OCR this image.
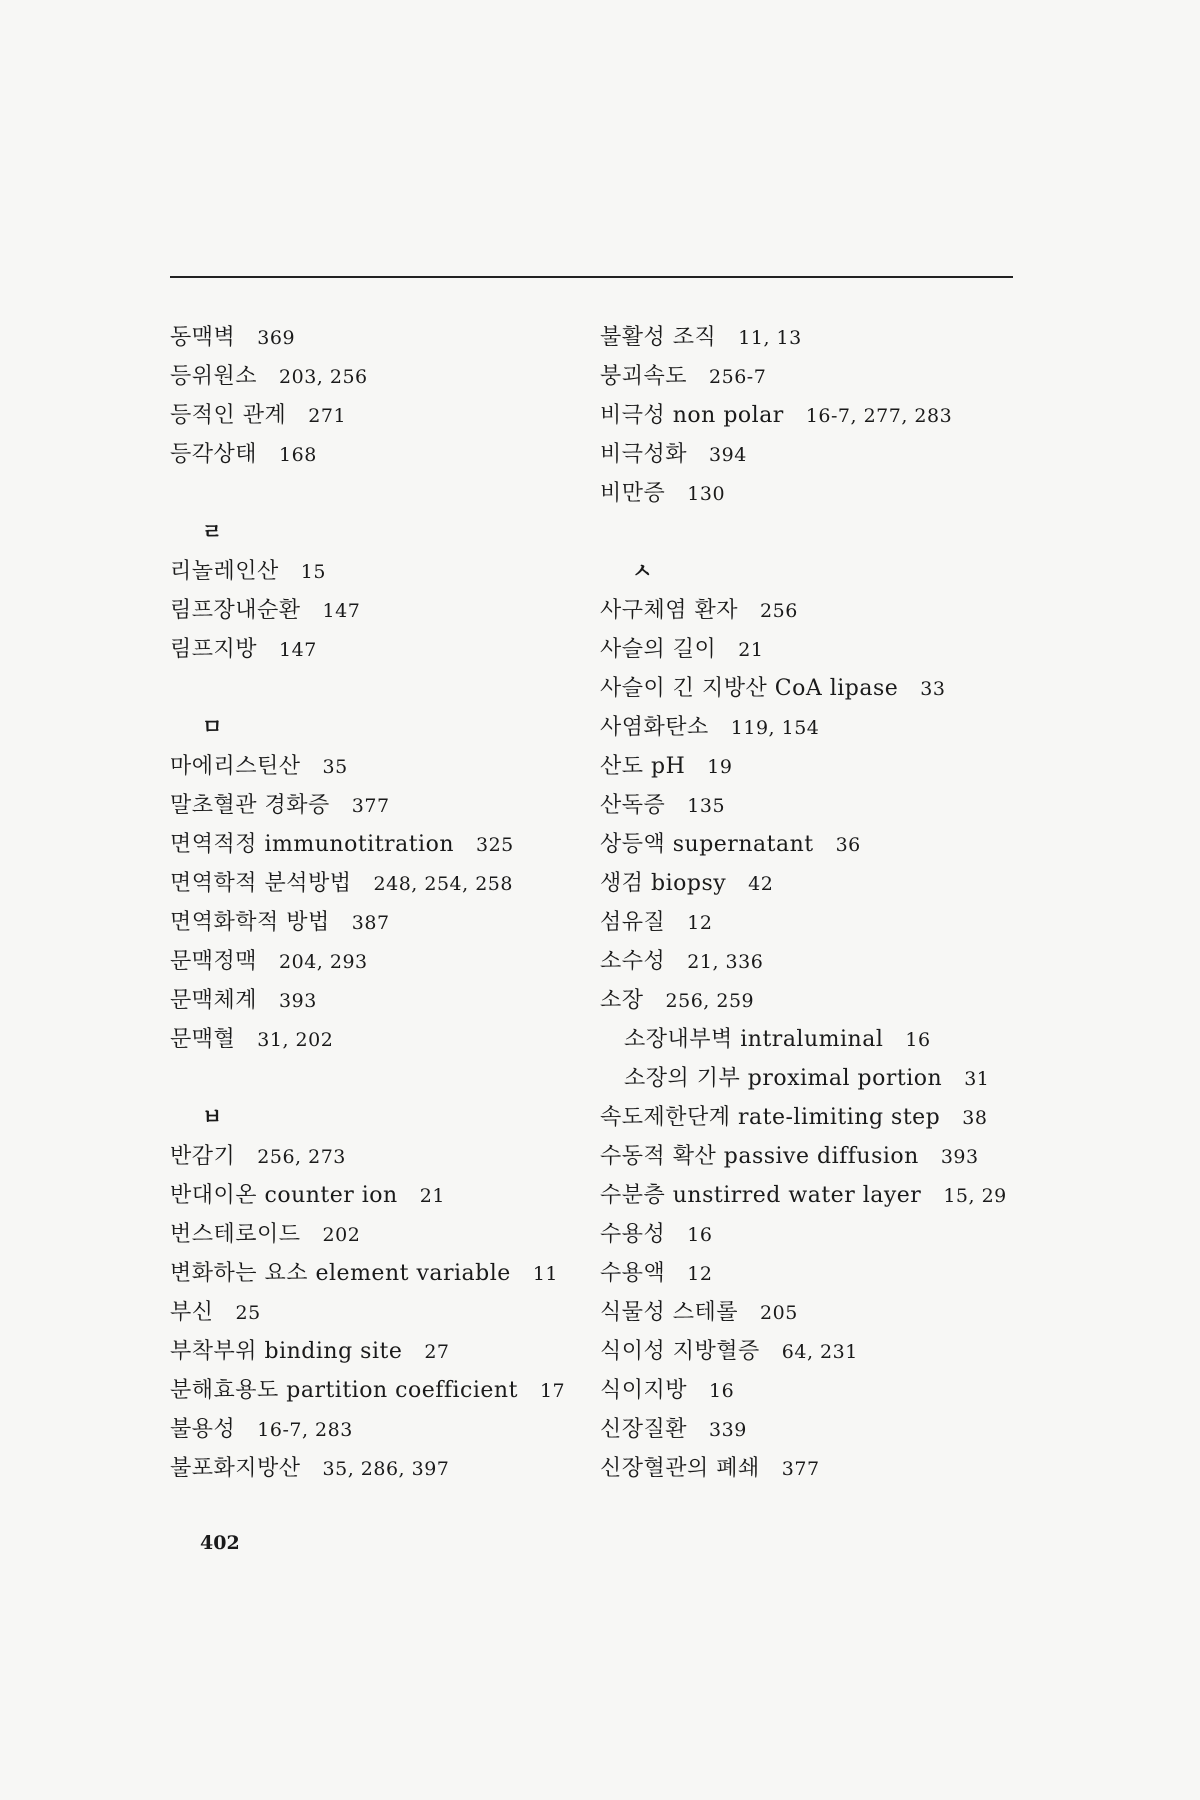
동맥벽 369
등위원소 203, 256
등적인 관계 271
등각상태 168
ㄹ
리놀레인산 15
림프장내순환 147
림프지방 147
ㅁ
마에리스틴산 35
말초혈관 경화증 377
면역적정 immunotitration 325
면역학적 분석방법 248, 254, 258
면역화학적 방법 387
문맥정맥 204, 293
문맥체계 393
문맥혈 31, 202
ㅂ
반감기 256, 273
반대이온 counter ion 21
번스테로이드 202
변화하는 요소 element variable 11
부신 25
부착부위 binding site 27
분해효용도 partition coefficient 17
불용성 16-7, 283
불포화지방산 35, 286, 397
불활성 조직 11, 13
붕괴속도 256-7
비극성 non polar 16-7, 277, 283
비극성화 394
비만증 130
ㅅ
사구체염 환자 256
사슬의 길이 21
사슬이 긴 지방산 CoA lipase 33
사염화탄소 119, 154
산도 pH 19
산독증 135
상등액 supernatant 36
생검 biopsy 42
섬유질 12
소수성 21, 336
소장 256, 259
소장내부벽 intraluminal 16
소장의 기부 proximal portion 31
속도제한단계 rate-limiting step 38
수동적 확산 passive diffusion 393
수분층 unstirred water layer 15, 29
수용성 16
수용액 12
식물성 스테롤 205
식이성 지방혈증 64, 231
식이지방 16
신장질환 339
신장혈관의 폐쇄 377
402
